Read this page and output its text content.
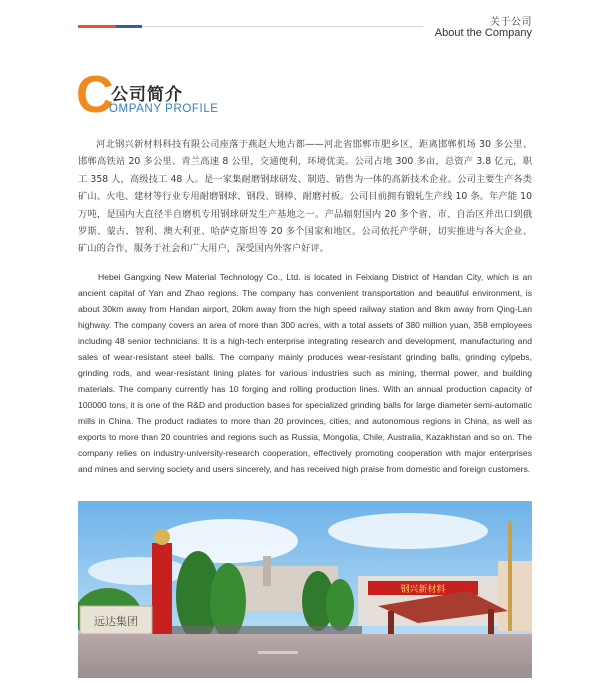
关于公司
About the Company
C
公司简介
OMPANY PROFILE

河北钢兴新材料科技有限公司座落于燕赵大地古都——河北省邯郸市肥乡区，距离邯郸机场 30 多公里、邯郸高铁站 20 多公里、青兰高速 8 公里，交通便利，环境优美。公司占地 300 多亩，总资产 3.8 亿元，职工 358 人，高级技工 48 人。是一家集耐磨钢球研发、制造、销售为一体的高新技术企业。公司主要生产各类矿山、火电、建材等行业专用耐磨钢球、钢段、钢棒、耐磨衬板。公司目前拥有锻轧生产线 10 条。年产能 10 万吨，是国内大直径半自磨机专用钢球研发生产基地之一。产品辐射国内 20 多个省、市、自治区并出口到俄罗斯、蒙古、智利、澳大利亚、哈萨克斯坦等 20 多个国家和地区。公司依托产学研，切实推进与各大企业、矿山的合作，服务于社会和广大用户，深受国内外客户好评。

Hebei Gangxing New Material Technology Co., Ltd. is located in Feixiang District of Handan City, which is an ancient capital of Yan and Zhao regions. The company has convenient transportation and beautiful environment, is about 30km away from Handan airport, 20km away from the high speed railway station and 8km away from Qing-Lan highway. The company covers an area of more than 300 acres, with a total assets of 380 million yuan, 358 employees including 48 senior technicians. It is a high-tech enterprise integrating research and development, manufacturing and sales of wear-resistant steel balls. The company mainly produces wear-resistant grinding balls, grinding cylpebs, grinding rods, and wear-resistant lining plates for various industries such as mining, thermal power, and building materials. The company currently has 10 forging and rolling production lines. With an annual production capacity of 100000 tons, it is one of the R&D and production bases for specialized grinding balls for large diameter semi-automatic mills in China. The product radiates to more than 20 provinces, cities, and autonomous regions in China, as well as exports to more than 20 countries and regions such as Russia, Mongolia, Chile, Australia, Kazakhstan and so on. The company relies on industry-university-research cooperation, effectively promoting cooperation with major enterprises and mines and serving society and users sincerely, and has received high praise from domestic and foreign customers.

钢兴新材料
远达集团
